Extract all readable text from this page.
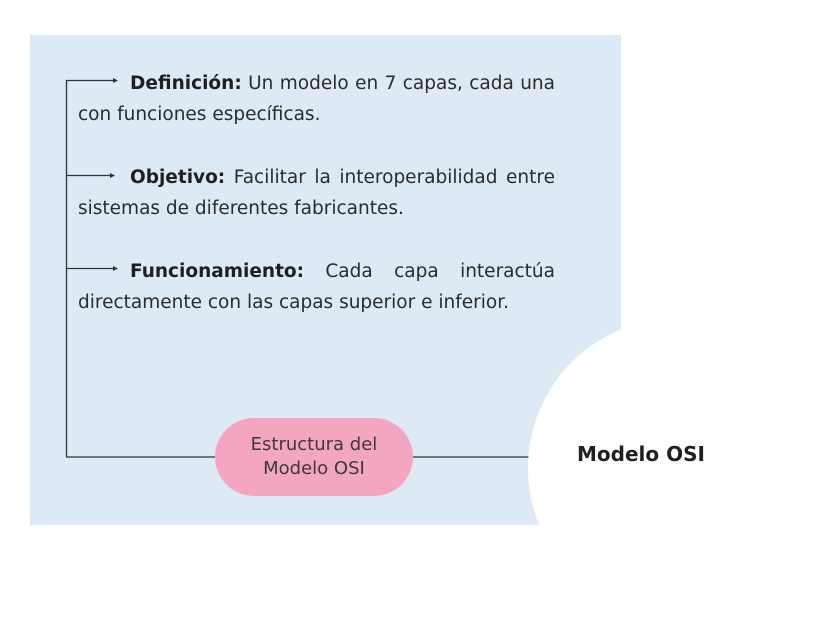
Definición: Un modelo en 7 capas, cada una con funciones específicas.

Objetivo: Facilitar la interoperabilidad entre sistemas de diferentes fabricantes.

Funcionamiento: Cada capa interactúa directamente con las capas superior e inferior.

Estructura del
Modelo OSI
Modelo OSI
